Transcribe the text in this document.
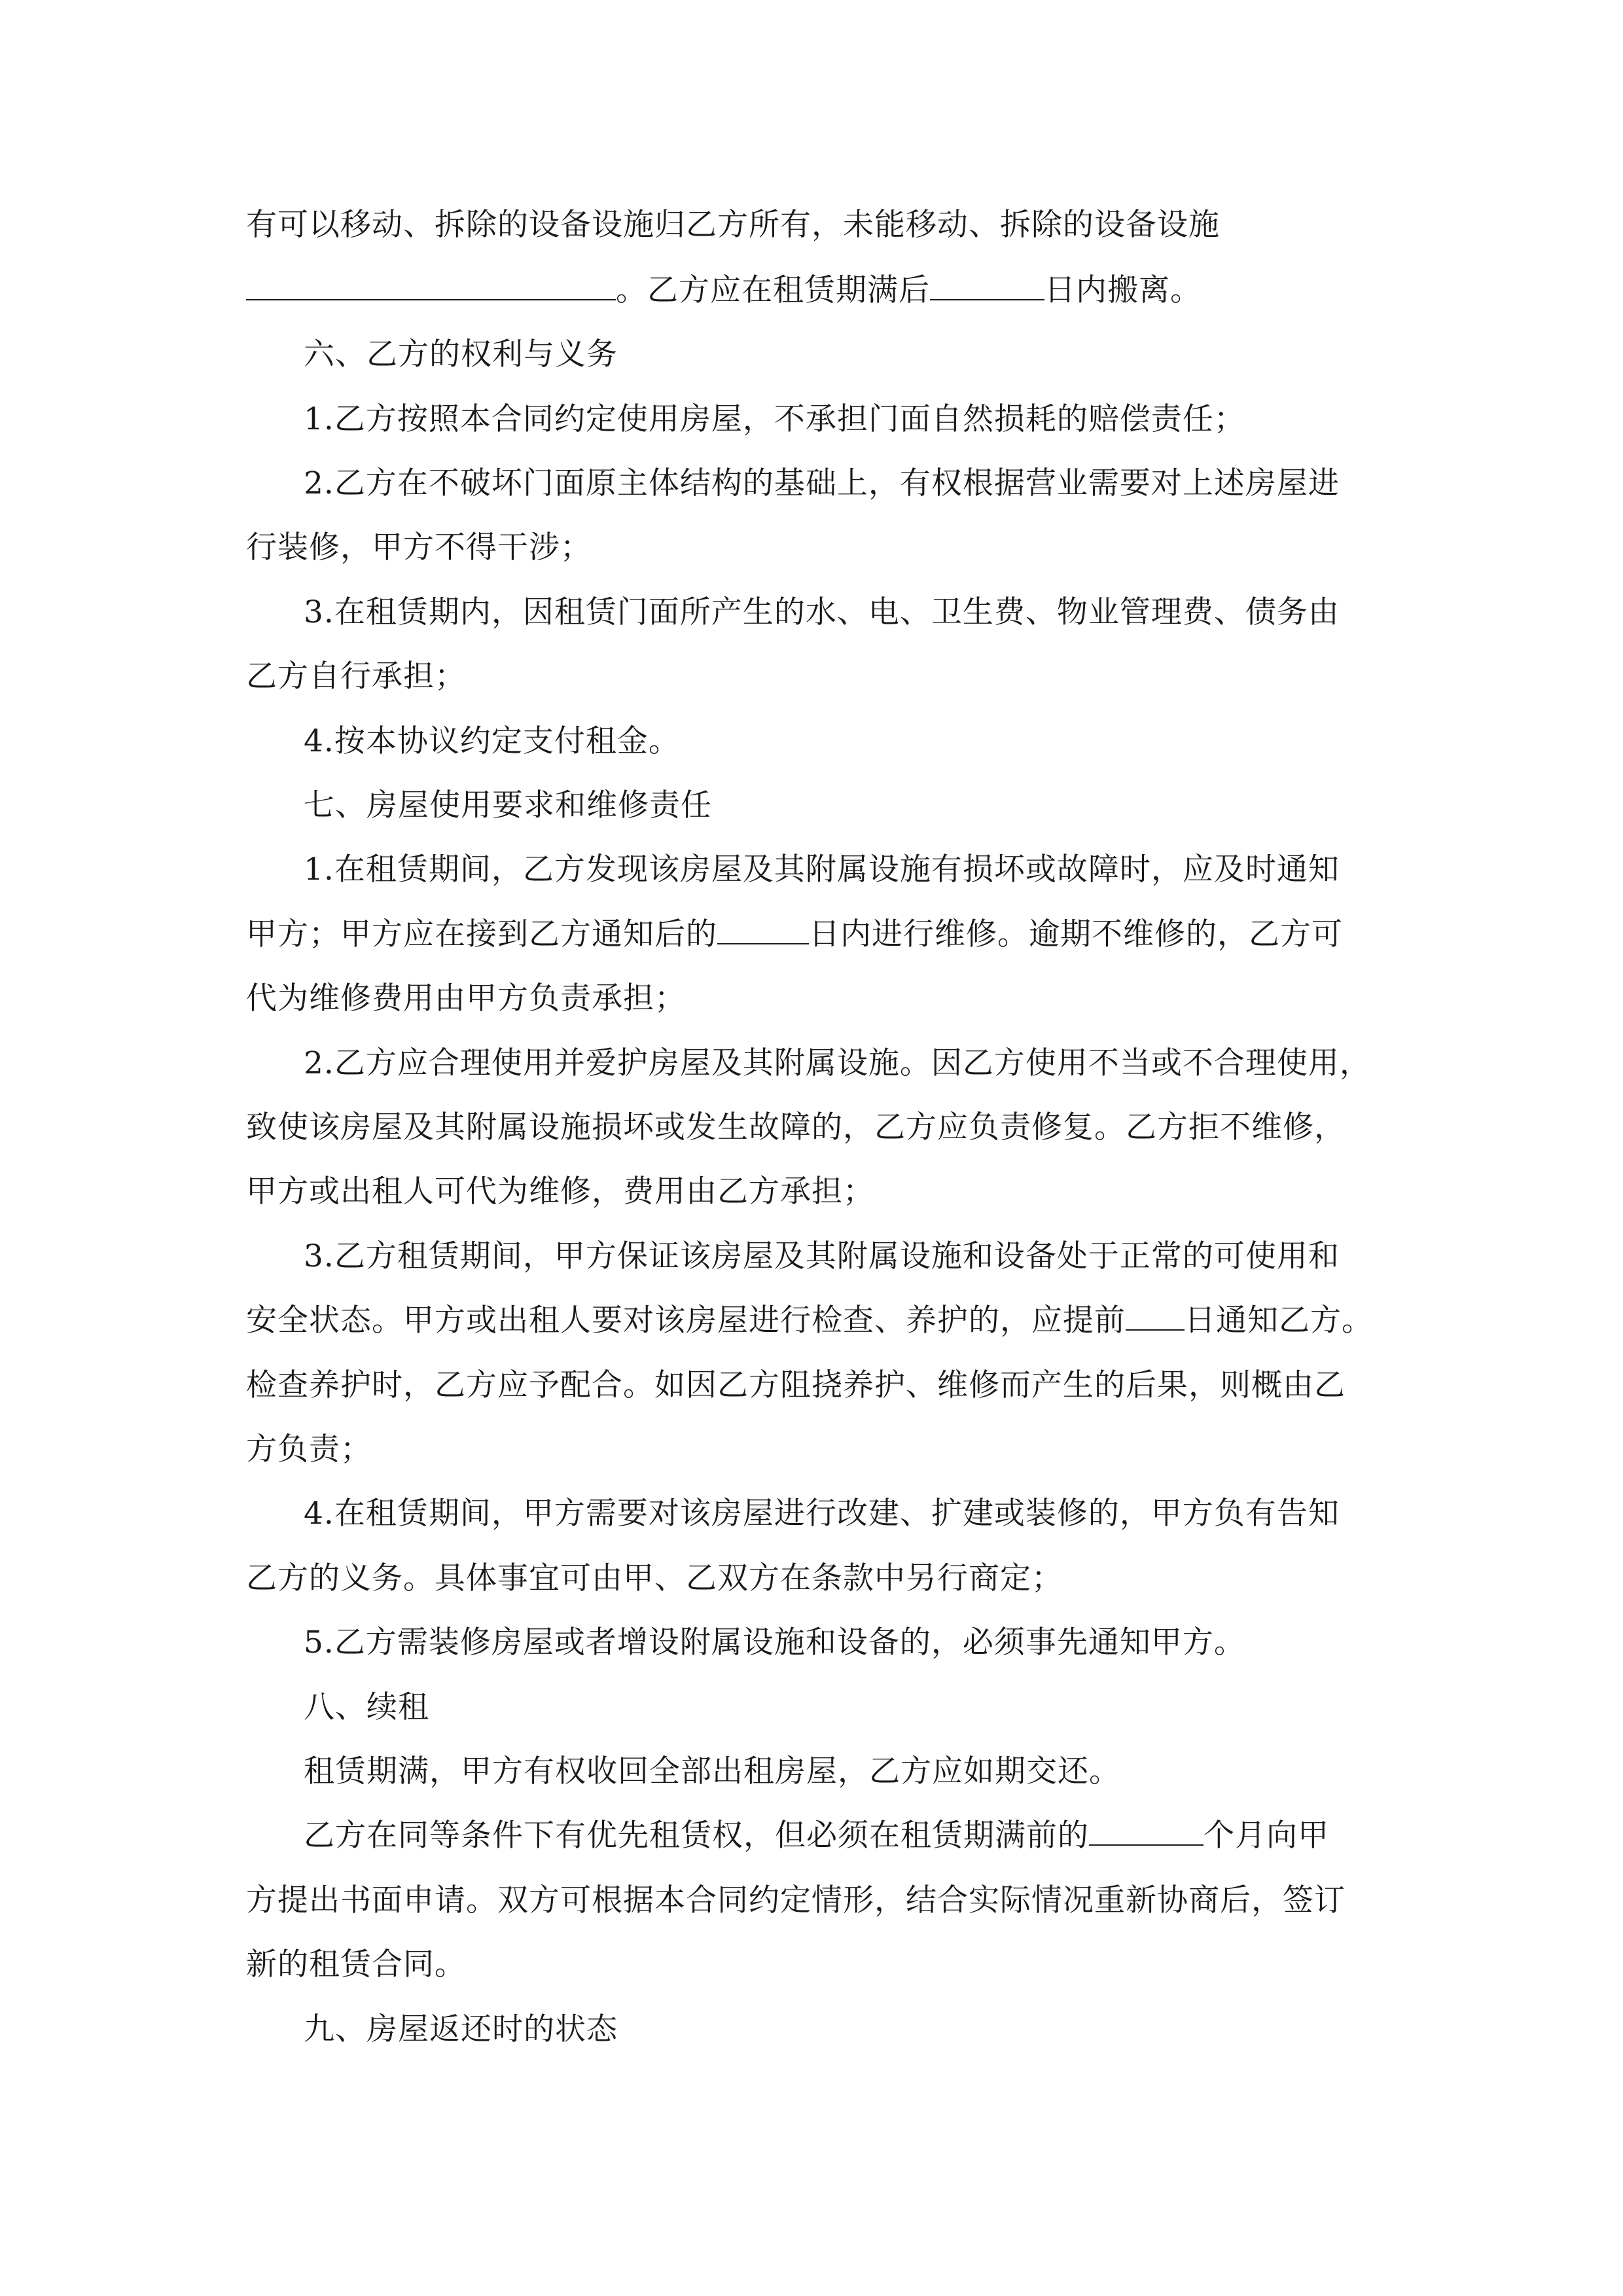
有可以移动、拆除的设备设施归乙方所有，未能移动、拆除的设备设施
。乙方应在租赁期满后	日内搬离。
六、乙方的权利与义务
1.乙方按照本合同约定使用房屋，不承担门面自然损耗的赔偿责任；
2.乙方在不破坏门面原主体结构的基础上，有权根据营业需要对上述房屋进
行装修，甲方不得干涉；
3.在租赁期内，因租赁门面所产生的水、电、卫生费、物业管理费、债务由
乙方自行承担；
4.按本协议约定支付租金。
七、房屋使用要求和维修责任
1.在租赁期间，乙方发现该房屋及其附属设施有损坏或故障时，应及时通知
甲方；甲方应在接到乙方通知后的	日内进行维修。逾期不维修的，乙方可
代为维修费用由甲方负责承担；
2.乙方应合理使用并爱护房屋及其附属设施。因乙方使用不当或不合理使用，
致使该房屋及其附属设施损坏或发生故障的，乙方应负责修复。乙方拒不维修，
甲方或出租人可代为维修，费用由乙方承担；
3.乙方租赁期间，甲方保证该房屋及其附属设施和设备处于正常的可使用和
安全状态。甲方或出租人要对该房屋进行检查、养护的，应提前 日通知乙方。
检查养护时，乙方应予配合。如因乙方阻挠养护、维修而产生的后果，则概由乙
方负责；
4.在租赁期间，甲方需要对该房屋进行改建、扩建或装修的，甲方负有告知
乙方的义务。具体事宜可由甲、乙双方在条款中另行商定；
5.乙方需装修房屋或者增设附属设施和设备的，必须事先通知甲方。
八、续租
租赁期满，甲方有权收回全部出租房屋，乙方应如期交还。
乙方在同等条件下有优先租赁权，但必须在租赁期满前的	个月向甲
方提出书面申请。双方可根据本合同约定情形，结合实际情况重新协商后，签订
新的租赁合同。
九、房屋返还时的状态
